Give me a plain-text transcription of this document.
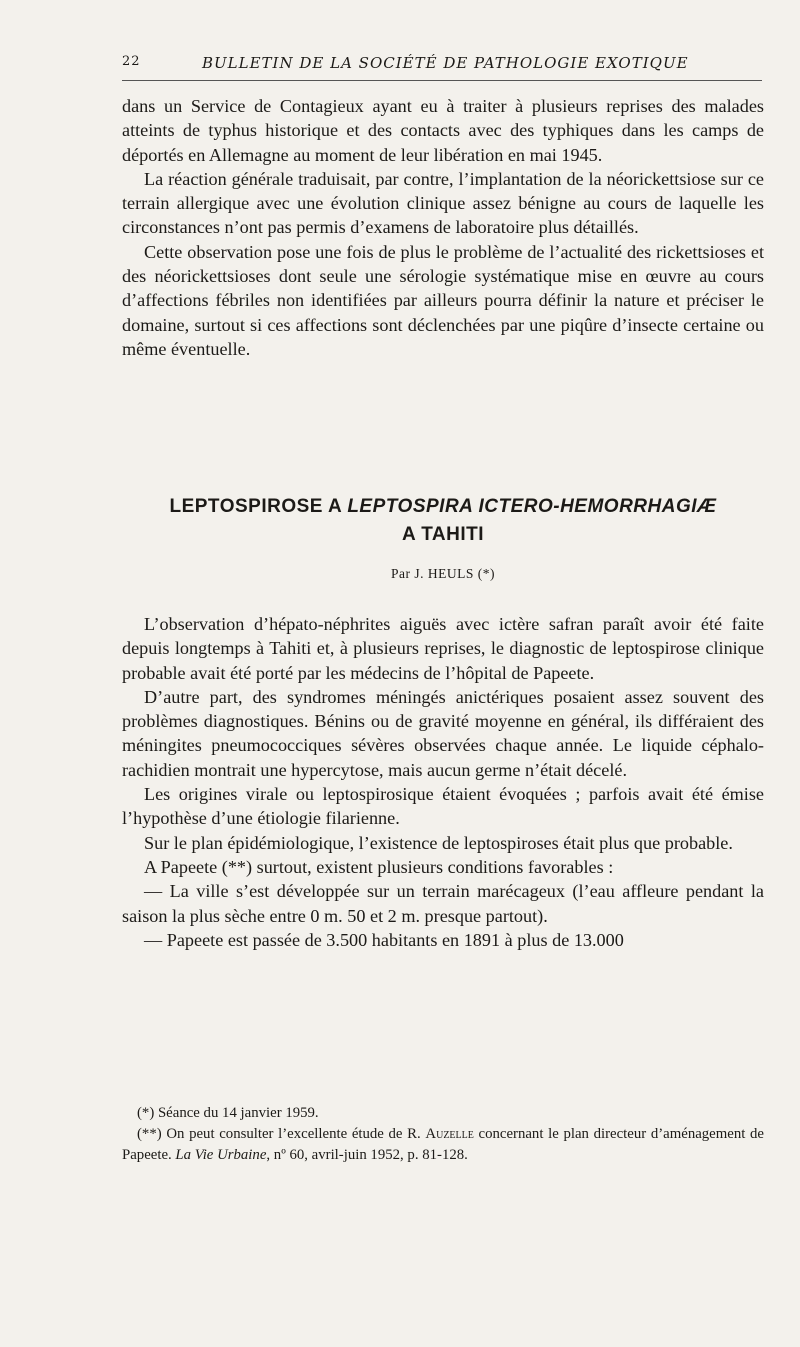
22	BULLETIN DE LA SOCIÉTÉ DE PATHOLOGIE EXOTIQUE

dans un Service de Contagieux ayant eu à traiter à plusieurs reprises des malades atteints de typhus historique et des contacts avec des typhiques dans les camps de déportés en Allemagne au moment de leur libération en mai 1945.

La réaction générale traduisait, par contre, l’implantation de la néorickettsiose sur ce terrain allergique avec une évolution clinique assez bénigne au cours de laquelle les circonstances n’ont pas permis d’examens de laboratoire plus détaillés.

Cette observation pose une fois de plus le problème de l’actualité des rickettsioses et des néorickettsioses dont seule une sérologie systématique mise en œuvre au cours d’affections fébriles non identifiées par ailleurs pourra définir la nature et préciser le domaine, surtout si ces affections sont déclenchées par une piqûre d’insecte certaine ou même éventuelle.

LEPTOSPIROSE A LEPTOSPIRA ICTERO-HEMORRHAGIÆ
A TAHITI
Par J. HEULS (*)

L’observation d’hépato-néphrites aiguës avec ictère safran paraît avoir été faite depuis longtemps à Tahiti et, à plusieurs reprises, le diagnostic de leptospirose clinique probable avait été porté par les médecins de l’hôpital de Papeete.

D’autre part, des syndromes méningés anictériques posaient assez souvent des problèmes diagnostiques. Bénins ou de gravité moyenne en général, ils différaient des méningites pneumococciques sévères observées chaque année. Le liquide céphalo-rachidien montrait une hypercytose, mais aucun germe n’était décelé.

Les origines virale ou leptospirosique étaient évoquées ; parfois avait été émise l’hypothèse d’une étiologie filarienne.

Sur le plan épidémiologique, l’existence de leptospiroses était plus que probable.

A Papeete (**) surtout, existent plusieurs conditions favorables :

— La ville s’est développée sur un terrain marécageux (l’eau affleure pendant la saison la plus sèche entre 0 m. 50 et 2 m. presque partout).

— Papeete est passée de 3.500 habitants en 1891 à plus de 13.000

(*) Séance du 14 janvier 1959.

(**) On peut consulter l’excellente étude de R. Auzelle concernant le plan directeur d’aménagement de Papeete. La Vie Urbaine, nº 60, avril-juin 1952, p. 81-128.
